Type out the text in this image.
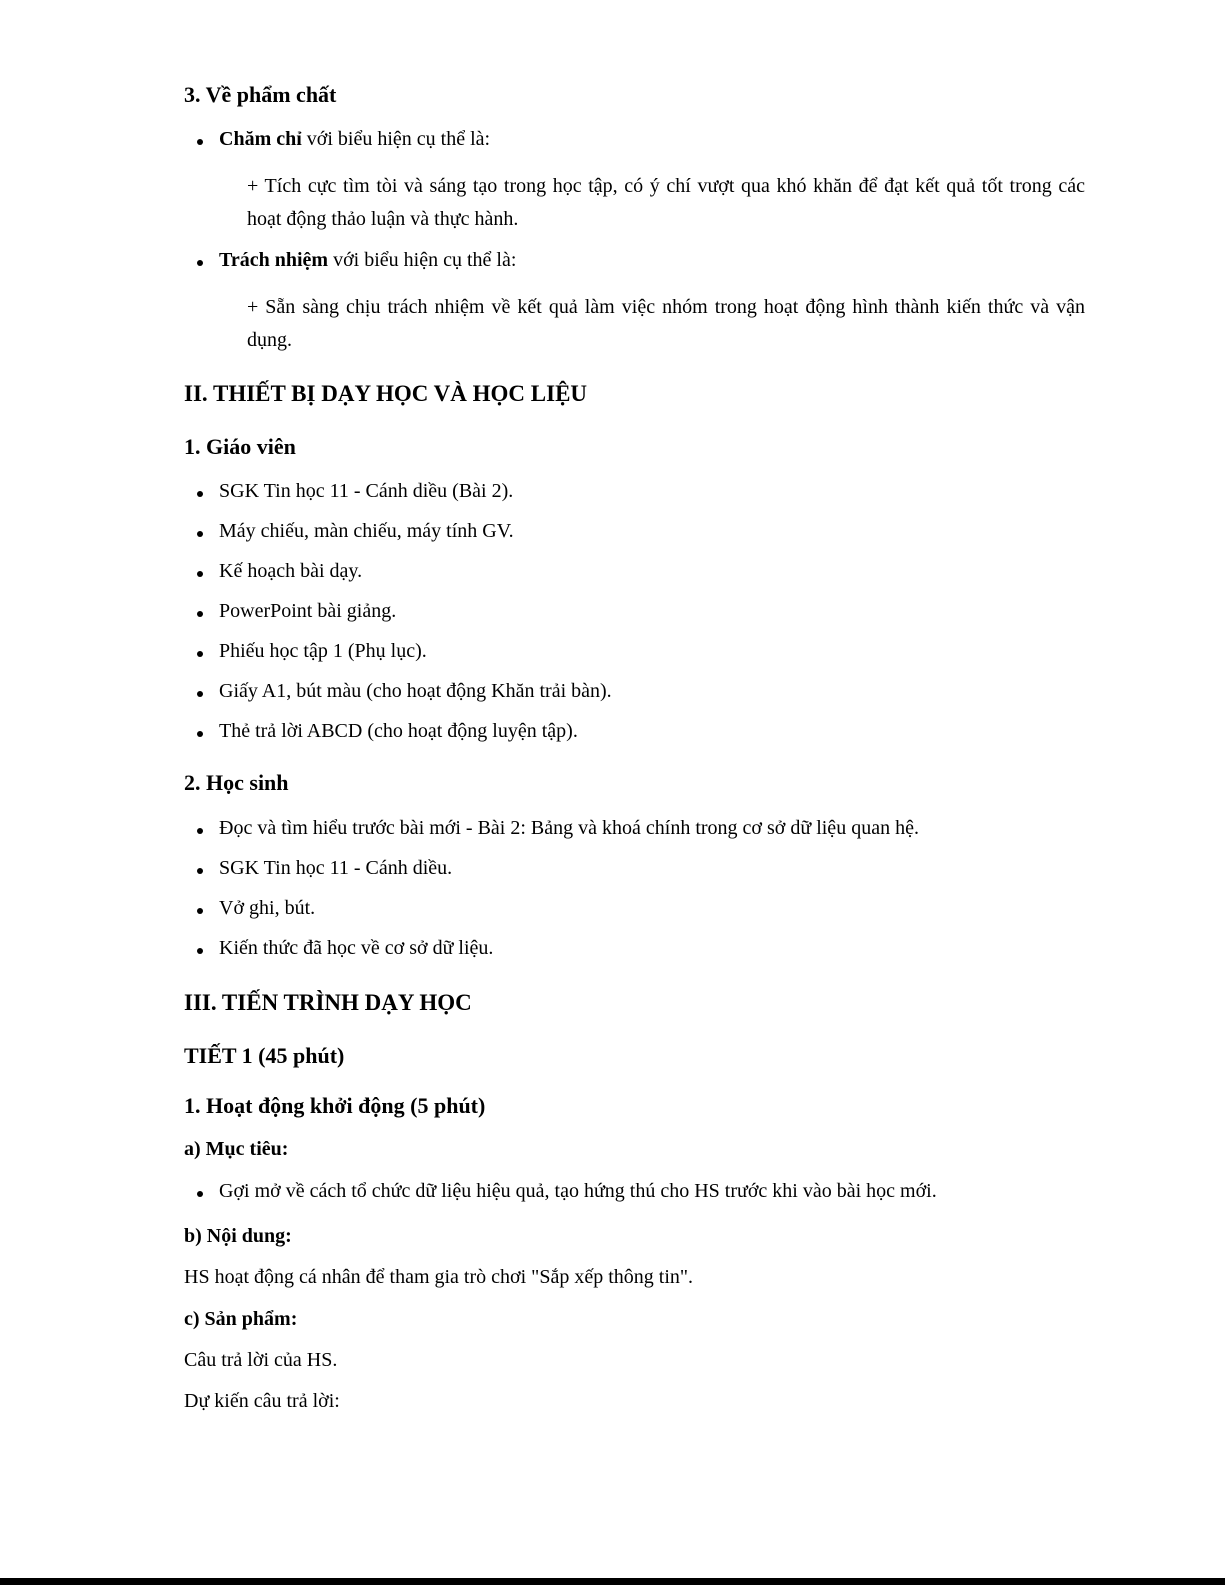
3. Về phẩm chất
Chăm chỉ với biểu hiện cụ thể là:
+ Tích cực tìm tòi và sáng tạo trong học tập, có ý chí vượt qua khó khăn để đạt kết quả tốt trong các hoạt động thảo luận và thực hành.
Trách nhiệm với biểu hiện cụ thể là:
+ Sẵn sàng chịu trách nhiệm về kết quả làm việc nhóm trong hoạt động hình thành kiến thức và vận dụng.
II. THIẾT BỊ DẠY HỌC VÀ HỌC LIỆU
1. Giáo viên
SGK Tin học 11 - Cánh diều (Bài 2).
Máy chiếu, màn chiếu, máy tính GV.
Kế hoạch bài dạy.
PowerPoint bài giảng.
Phiếu học tập 1 (Phụ lục).
Giấy A1, bút màu (cho hoạt động Khăn trải bàn).
Thẻ trả lời ABCD (cho hoạt động luyện tập).
2. Học sinh
Đọc và tìm hiểu trước bài mới - Bài 2: Bảng và khoá chính trong cơ sở dữ liệu quan hệ.
SGK Tin học 11 - Cánh diều.
Vở ghi, bút.
Kiến thức đã học về cơ sở dữ liệu.
III. TIẾN TRÌNH DẠY HỌC
TIẾT 1 (45 phút)
1. Hoạt động khởi động (5 phút)
a) Mục tiêu:
Gợi mở về cách tổ chức dữ liệu hiệu quả, tạo hứng thú cho HS trước khi vào bài học mới.
b) Nội dung:
HS hoạt động cá nhân để tham gia trò chơi "Sắp xếp thông tin".
c) Sản phẩm:
Câu trả lời của HS.
Dự kiến câu trả lời:
